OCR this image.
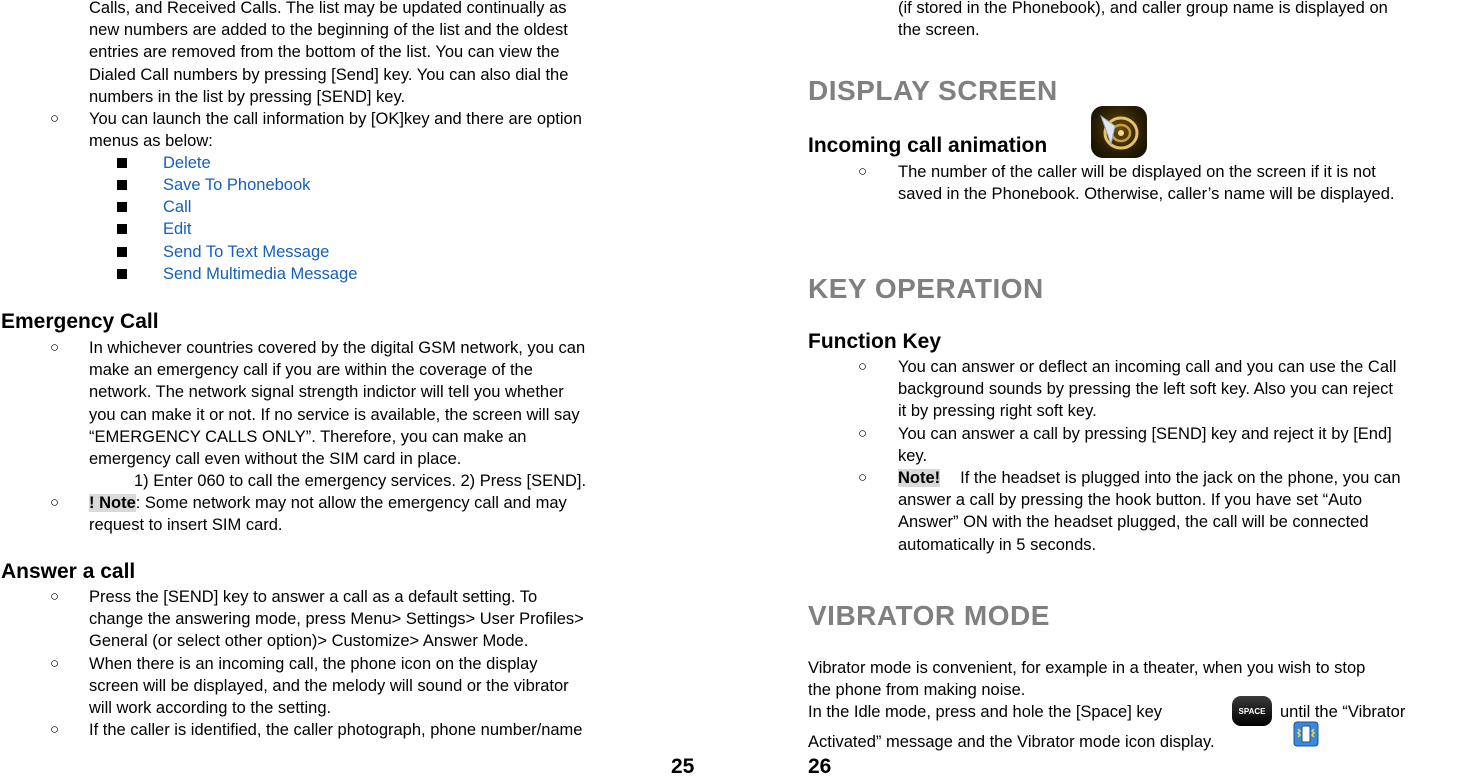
Calls, and Received Calls. The list may be updated continually as
new numbers are added to the beginning of the list and the oldest
entries are removed from the bottom of the list. You can view the
Dialed Call numbers by pressing [Send] key. You can also dial the
numbers in the list by pressing [SEND] key.
○ You can launch the call information by [OK]key and there are option
menus as below:
Delete
Save To Phonebook
Call
Edit
Send To Text Message
Send Multimedia Message
Emergency Call
○ In whichever countries covered by the digital GSM network, you can
make an emergency call if you are within the coverage of the
network. The network signal strength indictor will tell you whether
you can make it or not. If no service is available, the screen will say
“EMERGENCY CALLS ONLY”. Therefore, you can make an
emergency call even without the SIM card in place.
1) Enter 060 to call the emergency services. 2) Press [SEND].
○ ! Note: Some network may not allow the emergency call and may
request to insert SIM card.
Answer a call
○ Press the [SEND] key to answer a call as a default setting. To
change the answering mode, press Menu> Settings> User Profiles>
General (or select other option)> Customize> Answer Mode.
○ When there is an incoming call, the phone icon on the display
screen will be displayed, and the melody will sound or the vibrator
will work according to the setting.
○ If the caller is identified, the caller photograph, phone number/name
25
(if stored in the Phonebook), and caller group name is displayed on
the screen.
DISPLAY SCREEN
Incoming call animation
○ The number of the caller will be displayed on the screen if it is not
saved in the Phonebook. Otherwise, caller’s name will be displayed.
KEY OPERATION
Function Key
○ You can answer or deflect an incoming call and you can use the Call
background sounds by pressing the left soft key. Also you can reject
it by pressing right soft key.
○ You can answer a call by pressing [SEND] key and reject it by [End]
key.
○ Note! If the headset is plugged into the jack on the phone, you can
answer a call by pressing the hook button. If you have set “Auto
Answer” ON with the headset plugged, the call will be connected
automatically in 5 seconds.
VIBRATOR MODE
Vibrator mode is convenient, for example in a theater, when you wish to stop
the phone from making noise.
In the Idle mode, press and hole the [Space] key	SPACE until the “Vibrator
Activated” message and the Vibrator mode icon display.
26
